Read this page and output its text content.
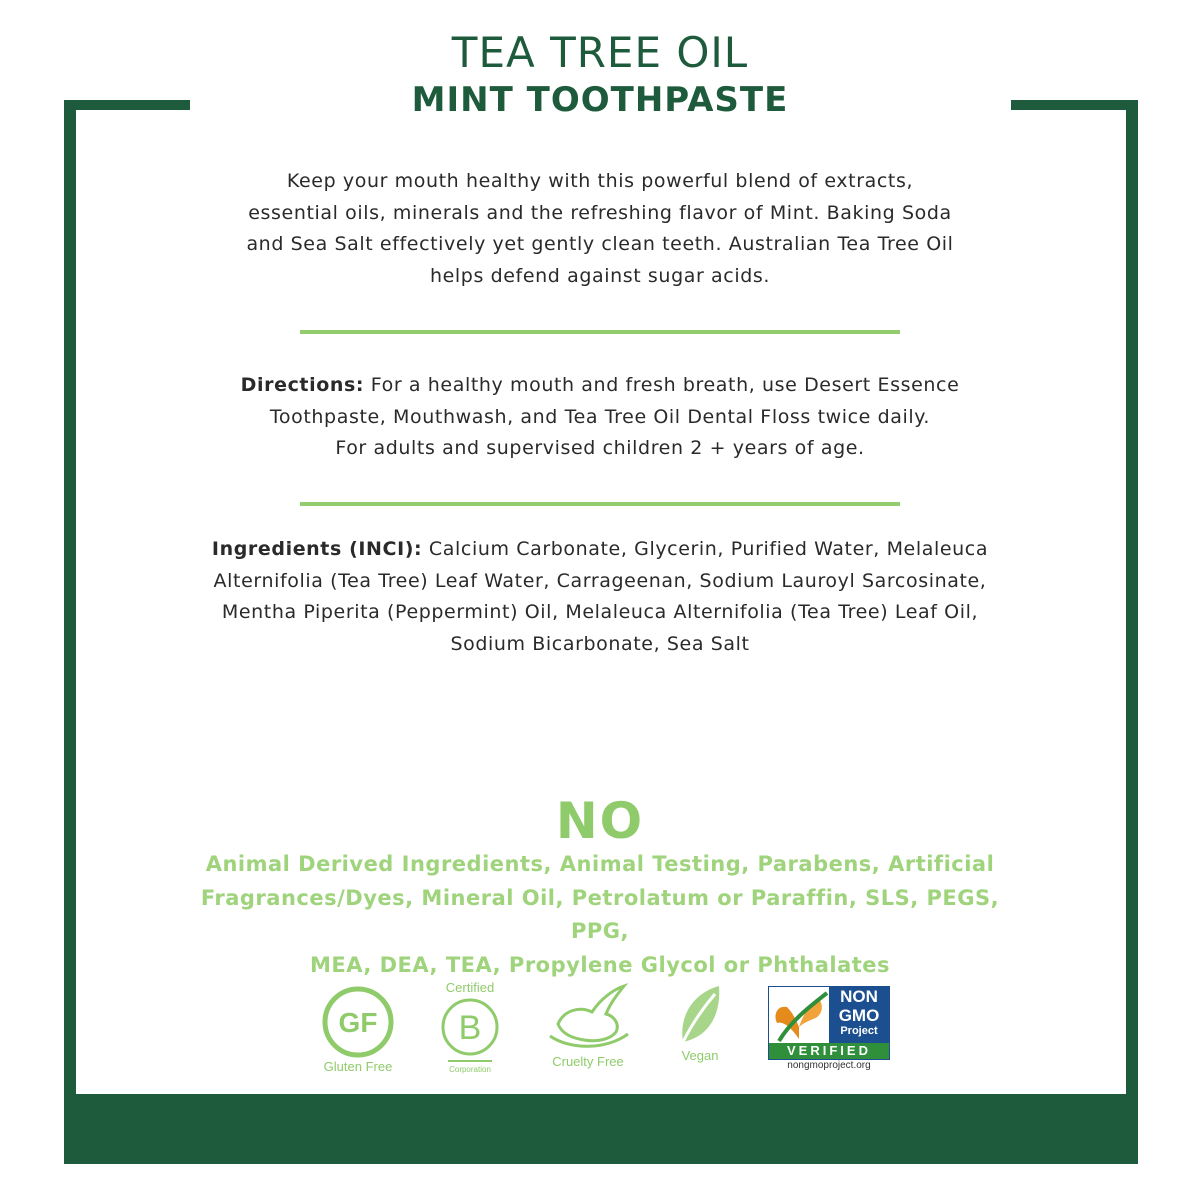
TEA TREE OIL
MINT TOOTHPASTE
Keep your mouth healthy with this powerful blend of extracts,
essential oils, minerals and the refreshing flavor of Mint. Baking Soda
and Sea Salt effectively yet gently clean teeth. Australian Tea Tree Oil
helps defend against sugar acids.
Directions: For a healthy mouth and fresh breath, use Desert Essence
Toothpaste, Mouthwash, and Tea Tree Oil Dental Floss twice daily.
For adults and supervised children 2 + years of age.
Ingredients (INCI): Calcium Carbonate, Glycerin, Purified Water, Melaleuca
Alternifolia (Tea Tree) Leaf Water, Carrageenan, Sodium Lauroyl Sarcosinate,
Mentha Piperita (Peppermint) Oil, Melaleuca Alternifolia (Tea Tree) Leaf Oil,
Sodium Bicarbonate, Sea Salt
NO
Animal Derived Ingredients, Animal Testing, Parabens, Artificial
Fragrances/Dyes, Mineral Oil, Petrolatum or Paraffin, SLS, PEGS, PPG,
MEA, DEA, TEA, Propylene Glycol or Phthalates
GF
Gluten Free
Certified
B
Corporation
Cruelty Free	Vegan
NON
GMO
Project
VERIFIED
nongmoproject.org
